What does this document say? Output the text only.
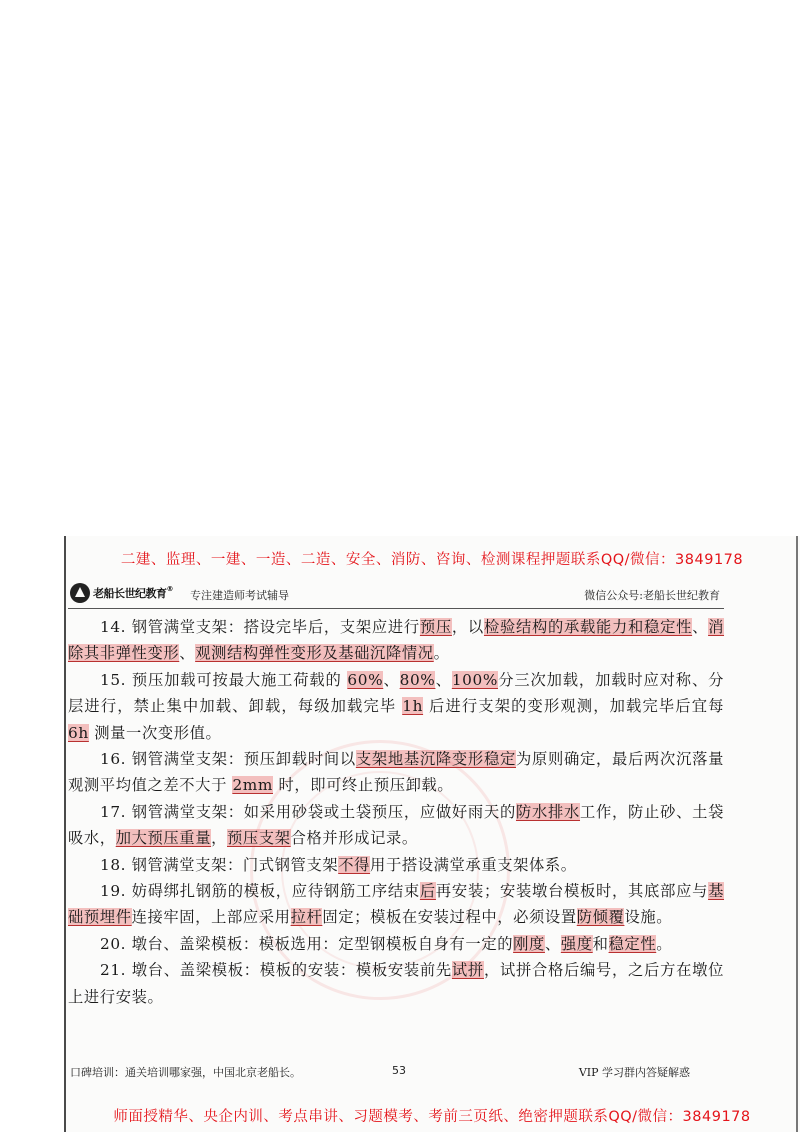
二建、监理、一建、一造、二造、安全、消防、咨询、检测课程押题联系QQ/微信：3849178
老船长世纪教育® 专注建造师考试辅导	微信公众号:老船长世纪教育

14. 钢管满堂支架：搭设完毕后，支架应进行预压，以检验结构的承载能力和稳定性、消除其非弹性变形、观测结构弹性变形及基础沉降情况。

15. 预压加载可按最大施工荷载的 60%、80%、100%分三次加载，加载时应对称、分层进行，禁止集中加载、卸载，每级加载完毕 1h 后进行支架的变形观测，加载完毕后宜每 6h 测量一次变形值。

16. 钢管满堂支架：预压卸载时间以支架地基沉降变形稳定为原则确定，最后两次沉落量观测平均值之差不大于 2mm 时，即可终止预压卸载。

17. 钢管满堂支架：如采用砂袋或土袋预压，应做好雨天的防水排水工作，防止砂、土袋吸水，加大预压重量，预压支架合格并形成记录。

18. 钢管满堂支架：门式钢管支架不得用于搭设满堂承重支架体系。

19. 妨碍绑扎钢筋的模板，应待钢筋工序结束后再安装；安装墩台模板时，其底部应与基础预埋件连接牢固，上部应采用拉杆固定；模板在安装过程中，必须设置防倾覆设施。

20. 墩台、盖梁模板：模板选用：定型钢模板自身有一定的刚度、强度和稳定性。

21. 墩台、盖梁模板：模板的安装：模板安装前先试拼，试拼合格后编号，之后方在墩位上进行安装。

口碑培训：通关培训哪家强，中国北京老船长。	53	VIP 学习群内答疑解惑
师面授精华、央企内训、考点串讲、习题模考、考前三页纸、绝密押题联系QQ/微信：3849178
